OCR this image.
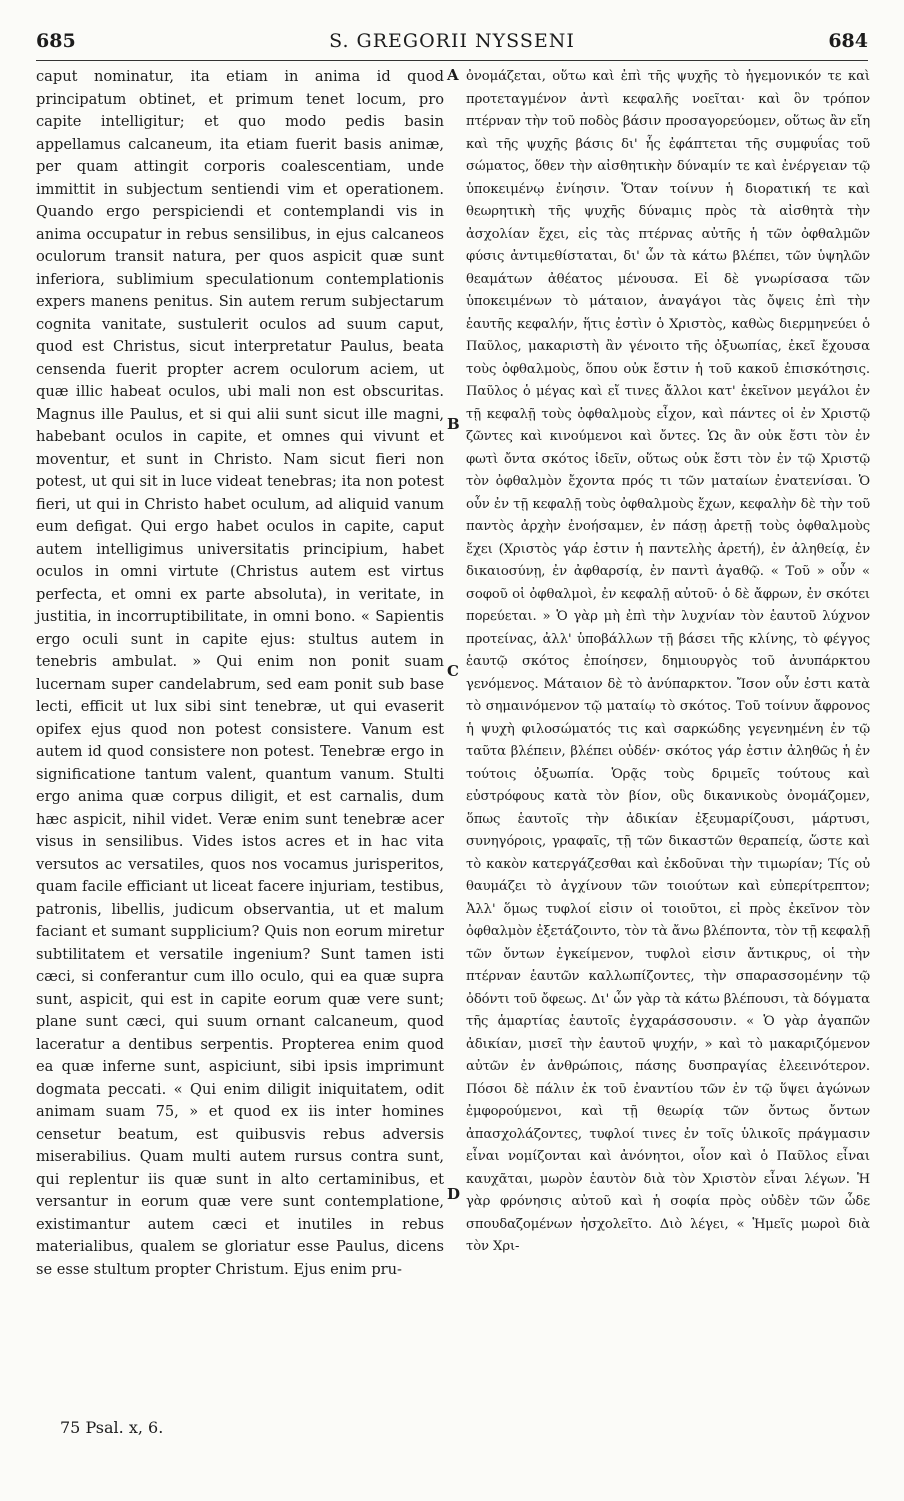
685	S. GREGORII NYSSENI	684

caput nominatur, ita etiam in anima id quod principatum obtinet, et primum tenet locum, pro capite intelligitur; et quo modo pedis basin appellamus calcaneum, ita etiam fuerit basis animæ, per quam attingit corporis coalescentiam, unde immittit in subjectum sentiendi vim et operationem. Quando ergo perspiciendi et contemplandi vis in anima occupatur in rebus sensilibus, in ejus calcaneos oculorum transit natura, per quos aspicit quæ sunt inferiora, sublimium speculationum contemplationis expers manens penitus. Sin autem rerum subjectarum cognita vanitate, sustulerit oculos ad suum caput, quod est Christus, sicut interpretatur Paulus, beata censenda fuerit propter acrem oculorum aciem, ut quæ illic habeat oculos, ubi mali non est obscuritas. Magnus ille Paulus, et si qui alii sunt sicut ille magni, habebant oculos in capite, et omnes qui vivunt et moventur, et sunt in Christo. Nam sicut fieri non potest, ut qui sit in luce videat tenebras; ita non potest fieri, ut qui in Christo habet oculum, ad aliquid vanum eum defigat. Qui ergo habet oculos in capite, caput autem intelligimus universitatis principium, habet oculos in omni virtute (Christus autem est virtus perfecta, et omni ex parte absoluta), in veritate, in justitia, in incorruptibilitate, in omni bono. « Sapientis ergo oculi sunt in capite ejus: stultus autem in tenebris ambulat. » Qui enim non ponit suam lucernam super candelabrum, sed eam ponit sub base lecti, efficit ut lux sibi sint tenebræ, ut qui evaserit opifex ejus quod non potest consistere. Vanum est autem id quod consistere non potest. Tenebræ ergo in significatione tantum valent, quantum vanum. Stulti ergo anima quæ corpus diligit, et est carnalis, dum hæc aspicit, nihil videt. Veræ enim sunt tenebræ acer visus in sensilibus. Vides istos acres et in hac vita versutos ac versatiles, quos nos vocamus jurisperitos, quam facile efficiant ut liceat facere injuriam, testibus, patronis, libellis, judicum observantia, ut et malum faciant et sumant supplicium? Quis non eorum miretur subtilitatem et versatile ingenium? Sunt tamen isti cæci, si conferantur cum illo oculo, qui ea quæ supra sunt, aspicit, qui est in capite eorum quæ vere sunt; plane sunt cæci, qui suum ornant calcaneum, quod laceratur a dentibus serpentis. Propterea enim quod ea quæ inferne sunt, aspiciunt, sibi ipsis imprimunt dogmata peccati. « Qui enim diligit iniquitatem, odit animam suam 75, » et quod ex iis inter homines censetur beatum, est quibusvis rebus adversis miserabilius. Quam multi autem rursus contra sunt, qui replentur iis quæ sunt in alto certaminibus, et versantur in eorum quæ vere sunt contemplatione, existimantur autem cæci et inutiles in rebus materialibus, qualem se gloriatur esse Paulus, dicens se esse stultum propter Christum. Ejus enim pru-

A
B
C
D

ὀνομάζεται, οὕτω καὶ ἐπὶ τῆς ψυχῆς τὸ ἡγεμονικόν τε καὶ προτεταγμένον ἀντὶ κεφαλῆς νοεῖται· καὶ ὃν τρόπον πτέρναν τὴν τοῦ ποδὸς βάσιν προσαγορεύομεν, οὕτως ἂν εἴη καὶ τῆς ψυχῆς βάσις δι' ἧς ἐφάπτεται τῆς συμφυΐας τοῦ σώματος, ὅθεν τὴν αἰσθητικὴν δύναμίν τε καὶ ἐνέργειαν τῷ ὑποκειμένῳ ἐνίησιν. Ὅταν τοίνυν ἡ διορατική τε καὶ θεωρητικὴ τῆς ψυχῆς δύναμις πρὸς τὰ αἰσθητὰ τὴν ἀσχολίαν ἔχει, εἰς τὰς πτέρνας αὐτῆς ἡ τῶν ὀφθαλμῶν φύσις ἀντιμεθίσταται, δι' ὧν τὰ κάτω βλέπει, τῶν ὑψηλῶν θεαμάτων ἀθέατος μένουσα. Εἰ δὲ γνωρίσασα τῶν ὑποκειμένων τὸ μάταιον, ἀναγάγοι τὰς ὄψεις ἐπὶ τὴν ἑαυτῆς κεφαλήν, ἥτις ἐστὶν ὁ Χριστὸς, καθὼς διερμηνεύει ὁ Παῦλος, μακαριστὴ ἂν γένοιτο τῆς ὀξυωπίας, ἐκεῖ ἔχουσα τοὺς ὀφθαλμοὺς, ὅπου οὐκ ἔστιν ἡ τοῦ κακοῦ ἐπισκότησις. Παῦλος ὁ μέγας καὶ εἴ τινες ἄλλοι κατ' ἐκεῖνον μεγάλοι ἐν τῇ κεφαλῇ τοὺς ὀφθαλμοὺς εἶχον, καὶ πάντες οἱ ἐν Χριστῷ ζῶντες καὶ κινούμενοι καὶ ὄντες. Ὡς ἂν οὐκ ἔστι τὸν ἐν φωτὶ ὄντα σκότος ἰδεῖν, οὕτως οὐκ ἔστι τὸν ἐν τῷ Χριστῷ τὸν ὀφθαλμὸν ἔχοντα πρός τι τῶν ματαίων ἐνατενίσαι. Ὁ οὖν ἐν τῇ κεφαλῇ τοὺς ὀφθαλμοὺς ἔχων, κεφαλὴν δὲ τὴν τοῦ παντὸς ἀρχὴν ἐνοήσαμεν, ἐν πάσῃ ἀρετῇ τοὺς ὀφθαλμοὺς ἔχει (Χριστὸς γάρ ἐστιν ἡ παντελὴς ἀρετή), ἐν ἀληθείᾳ, ἐν δικαιοσύνῃ, ἐν ἀφθαρσίᾳ, ἐν παντὶ ἀγαθῷ. « Τοῦ » οὖν « σοφοῦ οἱ ὀφθαλμοὶ, ἐν κεφαλῇ αὐτοῦ· ὁ δὲ ἄφρων, ἐν σκότει πορεύεται. » Ὁ γὰρ μὴ ἐπὶ τὴν λυχνίαν τὸν ἑαυτοῦ λύχνον προτείνας, ἀλλ' ὑποβάλλων τῇ βάσει τῆς κλίνης, τὸ φέγγος ἑαυτῷ σκότος ἐποίησεν, δημιουργὸς τοῦ ἀνυπάρκτου γενόμενος. Μάταιον δὲ τὸ ἀνύπαρκτον. Ἴσον οὖν ἐστι κατὰ τὸ σημαινόμενον τῷ ματαίῳ τὸ σκότος. Τοῦ τοίνυν ἄφρονος ἡ ψυχὴ φιλοσώματός τις καὶ σαρκώδης γεγενημένη ἐν τῷ ταῦτα βλέπειν, βλέπει οὐδέν· σκότος γάρ ἐστιν ἀληθῶς ἡ ἐν τούτοις ὀξυωπία. Ὁρᾷς τοὺς δριμεῖς τούτους καὶ εὐστρόφους κατὰ τὸν βίον, οὓς δικανικοὺς ὀνομάζομεν, ὅπως ἑαυτοῖς τὴν ἀδικίαν ἐξευμαρίζουσι, μάρτυσι, συνηγόροις, γραφαῖς, τῇ τῶν δικαστῶν θεραπείᾳ, ὥστε καὶ τὸ κακὸν κατεργάζεσθαι καὶ ἐκδοῦναι τὴν τιμωρίαν; Τίς οὐ θαυμάζει τὸ ἀγχίνουν τῶν τοιούτων καὶ εὐπερίτρεπτον; Ἀλλ' ὅμως τυφλοί εἰσιν οἱ τοιοῦτοι, εἰ πρὸς ἐκεῖνον τὸν ὀφθαλμὸν ἐξετάζοιντο, τὸν τὰ ἄνω βλέποντα, τὸν τῇ κεφαλῇ τῶν ὄντων ἐγκείμενον, τυφλοὶ εἰσιν ἄντικρυς, οἱ τὴν πτέρναν ἑαυτῶν καλλωπίζοντες, τὴν σπαρασσομένην τῷ ὀδόντι τοῦ ὄφεως. Δι' ὧν γὰρ τὰ κάτω βλέπουσι, τὰ δόγματα τῆς ἁμαρτίας ἑαυτοῖς ἐγχαράσσουσιν. « Ὁ γὰρ ἀγαπῶν ἀδικίαν, μισεῖ τὴν ἑαυτοῦ ψυχήν, » καὶ τὸ μακαριζόμενον αὐτῶν ἐν ἀνθρώποις, πάσης δυσπραγίας ἐλεεινότερον. Πόσοι δὲ πάλιν ἐκ τοῦ ἐναντίου τῶν ἐν τῷ ὕψει ἀγώνων ἐμφορούμενοι, καὶ τῇ θεωρίᾳ τῶν ὄντως ὄντων ἀπασχολάζοντες, τυφλοί τινες ἐν τοῖς ὑλικοῖς πράγμασιν εἶναι νομίζονται καὶ ἀνόνητοι, οἷον καὶ ὁ Παῦλος εἶναι καυχᾶται, μωρὸν ἑαυτὸν διὰ τὸν Χριστὸν εἶναι λέγων. Ἡ γὰρ φρόνησις αὐτοῦ καὶ ἡ σοφία πρὸς οὐδὲν τῶν ὧδε σπουδαζομένων ἠσχολεῖτο. Διὸ λέγει, « Ἡμεῖς μωροὶ διὰ τὸν Χρι-

75 Psal. x, 6.
